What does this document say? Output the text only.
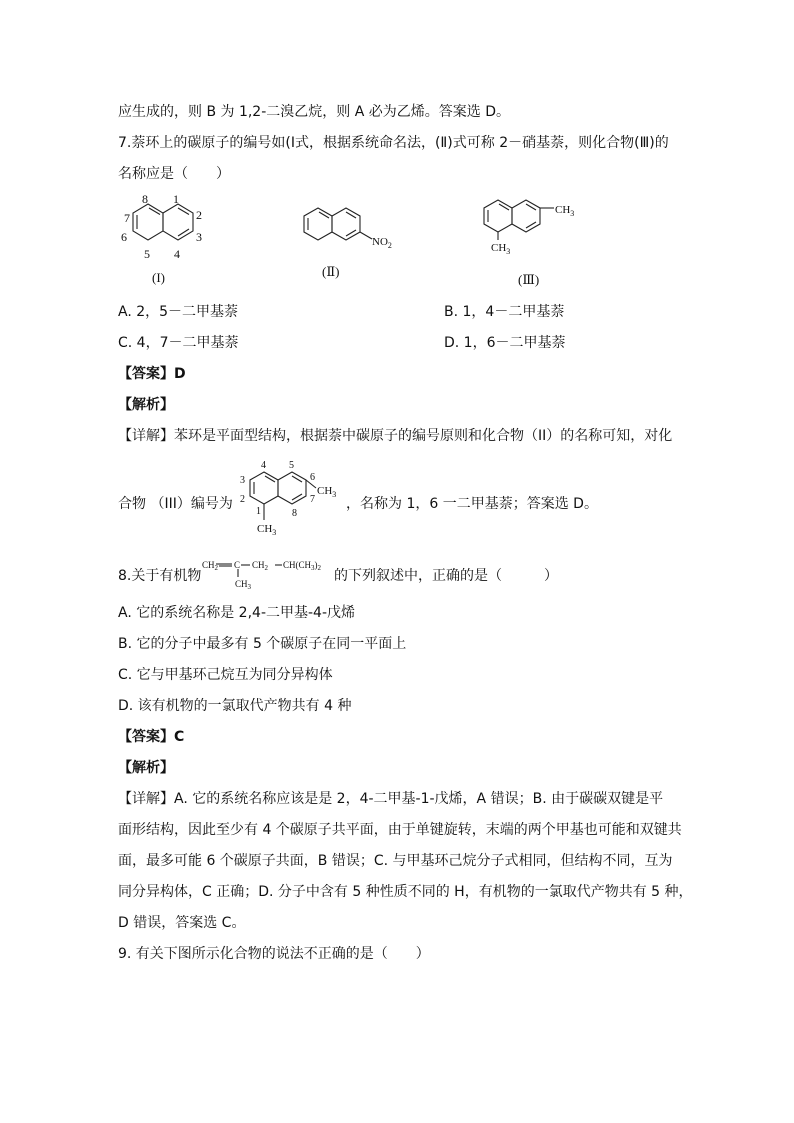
应生成的，则 B 为 1,2-二溴乙烷，则 A 必为乙烯。答案选 D。
7.萘环上的碳原子的编号如(I式，根据系统命名法，(Ⅱ)式可称 2－硝基萘，则化合物(Ⅲ)的
名称应是（　　）
1
2
3
4
5
6
7
8
(I)
$NO_2$
(Ⅱ)
$CH_3$
$CH_3$
(Ⅲ)
A. 2，5－二甲基萘	B. 1，4－二甲基萘
C. 4，7－二甲基萘	D. 1，6－二甲基萘
【答案】D
【解析】
【详解】苯环是平面型结构，根据萘中碳原子的编号原则和化合物（II）的名称可知，对化
合物 （III）编号为
4 5
6
7
8
1
2
3
$CH_3$
$CH_3$
，名称为 1，6 一二甲基萘；答案选 D。
8.关于有机物
$CH_2$ C $CH_2$ $CH(CH_3)_2$
$CH_3$
的下列叙述中，正确的是（　　　）
A. 它的系统名称是 2,4-二甲基-4-戊烯
B. 它的分子中最多有 5 个碳原子在同一平面上
C. 它与甲基环己烷互为同分异构体
D. 该有机物的一氯取代产物共有 4 种
【答案】C
【解析】
【详解】A. 它的系统名称应该是是 2，4-二甲基-1-戊烯，A 错误；B. 由于碳碳双键是平
面形结构，因此至少有 4 个碳原子共平面，由于单键旋转，末端的两个甲基也可能和双键共
面，最多可能 6 个碳原子共面，B 错误；C. 与甲基环己烷分子式相同，但结构不同，互为
同分异构体，C 正确；D. 分子中含有 5 种性质不同的 H，有机物的一氯取代产物共有 5 种，
D 错误，答案选 C。
9. 有关下图所示化合物的说法不正确的是（　　）
